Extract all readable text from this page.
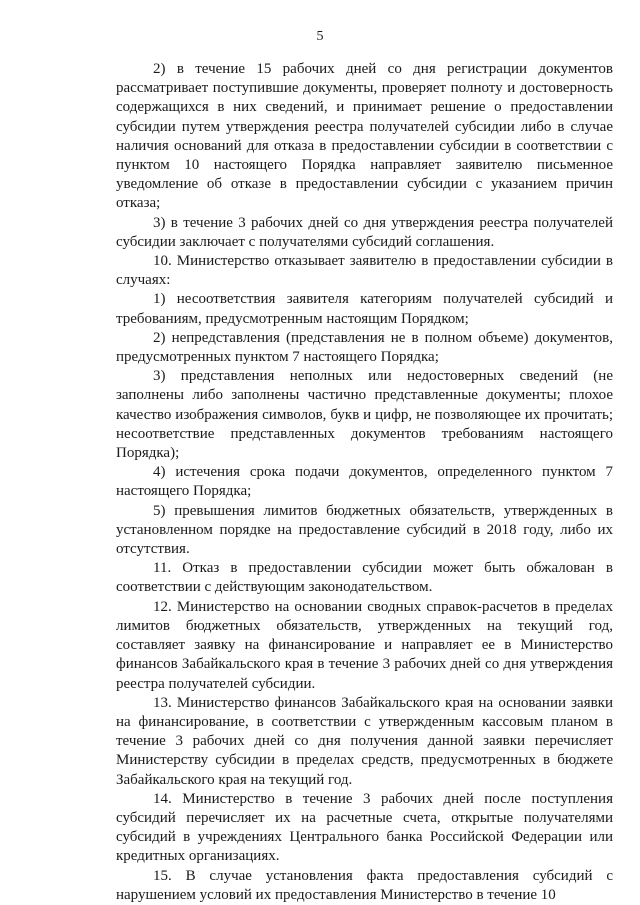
5

2) в течение 15 рабочих дней со дня регистрации документов рассматривает поступившие документы, проверяет полноту и достоверность содержащихся в них сведений, и принимает решение о предоставлении субсидии путем утверждения реестра получателей субсидии либо в случае наличия оснований для отказа в предоставлении субсидии в соответствии с пунктом 10 настоящего Порядка направляет заявителю письменное уведомление об отказе в предоставлении субсидии с указанием причин отказа;

3) в течение 3 рабочих дней со дня утверждения реестра получателей субсидии заключает с получателями субсидий соглашения.

10. Министерство отказывает заявителю в предоставлении субсидии в случаях:

1) несоответствия заявителя категориям получателей субсидий и требованиям, предусмотренным настоящим Порядком;

2) непредставления (представления не в полном объеме) документов, предусмотренных пунктом 7 настоящего Порядка;

3) представления неполных или недостоверных сведений (не заполнены либо заполнены частично представленные документы; плохое качество изображения символов, букв и цифр, не позволяющее их прочитать; несоответствие представленных документов требованиям настоящего Порядка);

4) истечения срока подачи документов, определенного пунктом 7 настоящего Порядка;

5) превышения лимитов бюджетных обязательств, утвержденных в установленном порядке на предоставление субсидий в 2018 году, либо их отсутствия.

11. Отказ в предоставлении субсидии может быть обжалован в соответствии с действующим законодательством.

12. Министерство на основании сводных справок-расчетов в пределах лимитов бюджетных обязательств, утвержденных на текущий год, составляет заявку на финансирование и направляет ее в Министерство финансов Забайкальского края в течение 3 рабочих дней со дня утверждения реестра получателей субсидии.

13. Министерство финансов Забайкальского края на основании заявки на финансирование, в соответствии с утвержденным кассовым планом в течение 3 рабочих дней со дня получения данной заявки перечисляет Министерству субсидии в пределах средств, предусмотренных в бюджете Забайкальского края на текущий год.

14. Министерство в течение 3 рабочих дней после поступления субсидий перечисляет их на расчетные счета, открытые получателями субсидий в учреждениях Центрального банка Российской Федерации или кредитных организациях.

15. В случае установления факта предоставления субсидий с нарушением условий их предоставления Министерство в течение 10
